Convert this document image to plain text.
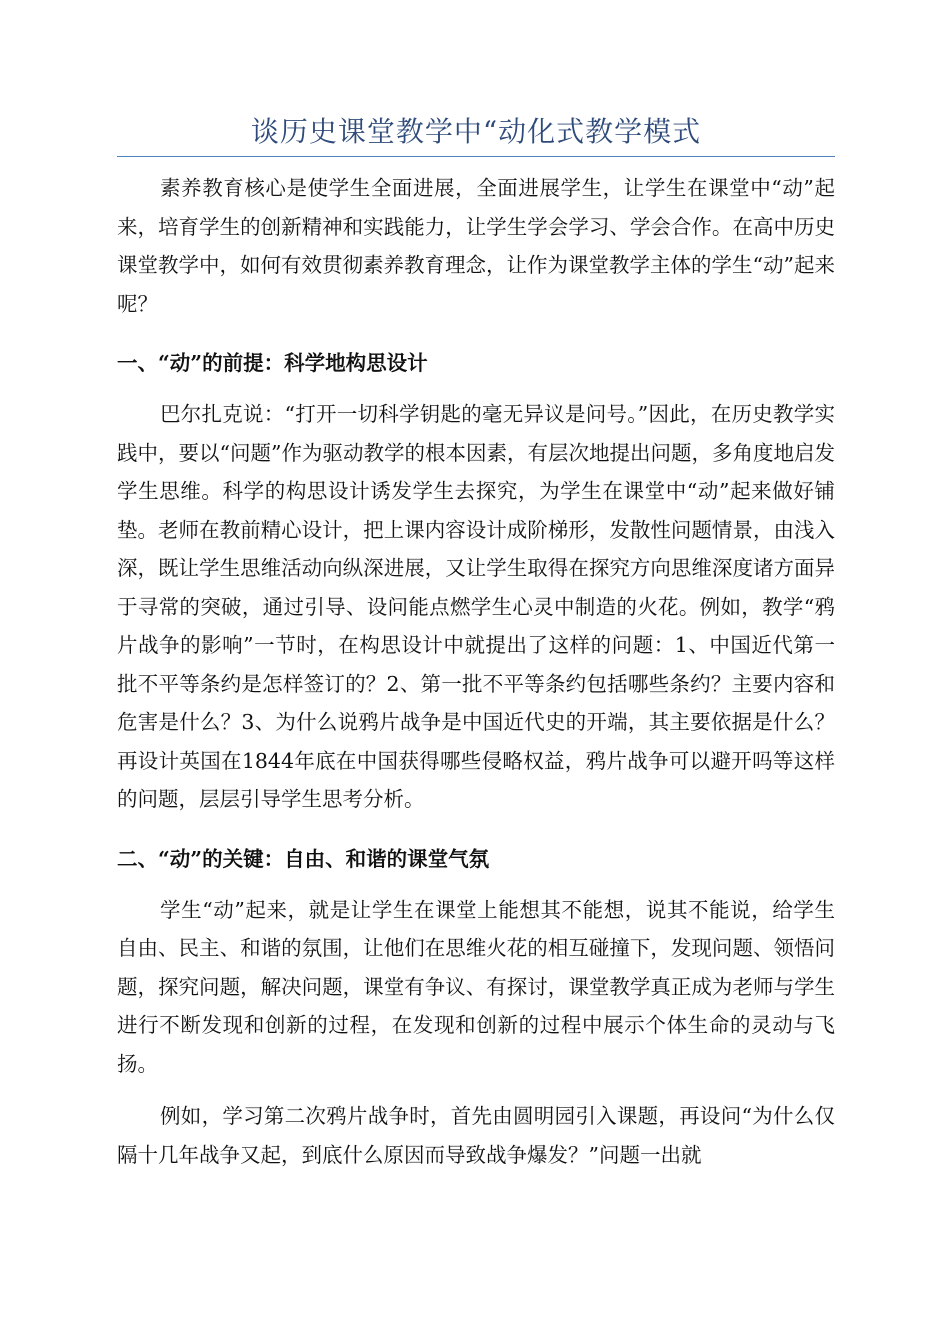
谈历史课堂教学中“动化式教学模式

素养教育核心是使学生全面进展，全面进展学生，让学生在课堂中“动”起来，培育学生的创新精神和实践能力，让学生学会学习、学会合作。在高中历史课堂教学中，如何有效贯彻素养教育理念，让作为课堂教学主体的学生“动”起来呢？

一、“动”的前提：科学地构思设计

巴尔扎克说：“打开一切科学钥匙的毫无异议是问号。”因此，在历史教学实践中，要以“问题”作为驱动教学的根本因素，有层次地提出问题，多角度地启发学生思维。科学的构思设计诱发学生去探究，为学生在课堂中“动”起来做好铺垫。老师在教前精心设计，把上课内容设计成阶梯形，发散性问题情景，由浅入深，既让学生思维活动向纵深进展，又让学生取得在探究方向思维深度诸方面异于寻常的突破，通过引导、设问能点燃学生心灵中制造的火花。例如，教学“鸦片战争的影响”一节时，在构思设计中就提出了这样的问题：1、中国近代第一批不平等条约是怎样签订的？2、第一批不平等条约包括哪些条约？主要内容和危害是什么？3、为什么说鸦片战争是中国近代史的开端，其主要依据是什么？再设计英国在1844年底在中国获得哪些侵略权益，鸦片战争可以避开吗等这样的问题，层层引导学生思考分析。

二、“动”的关键：自由、和谐的课堂气氛

学生“动”起来，就是让学生在课堂上能想其不能想，说其不能说，给学生自由、民主、和谐的氛围，让他们在思维火花的相互碰撞下，发现问题、领悟问题，探究问题，解决问题，课堂有争议、有探讨，课堂教学真正成为老师与学生进行不断发现和创新的过程，在发现和创新的过程中展示个体生命的灵动与飞扬。

例如，学习第二次鸦片战争时，首先由圆明园引入课题，再设问“为什么仅隔十几年战争又起，到底什么原因而导致战争爆发？”问题一出就
